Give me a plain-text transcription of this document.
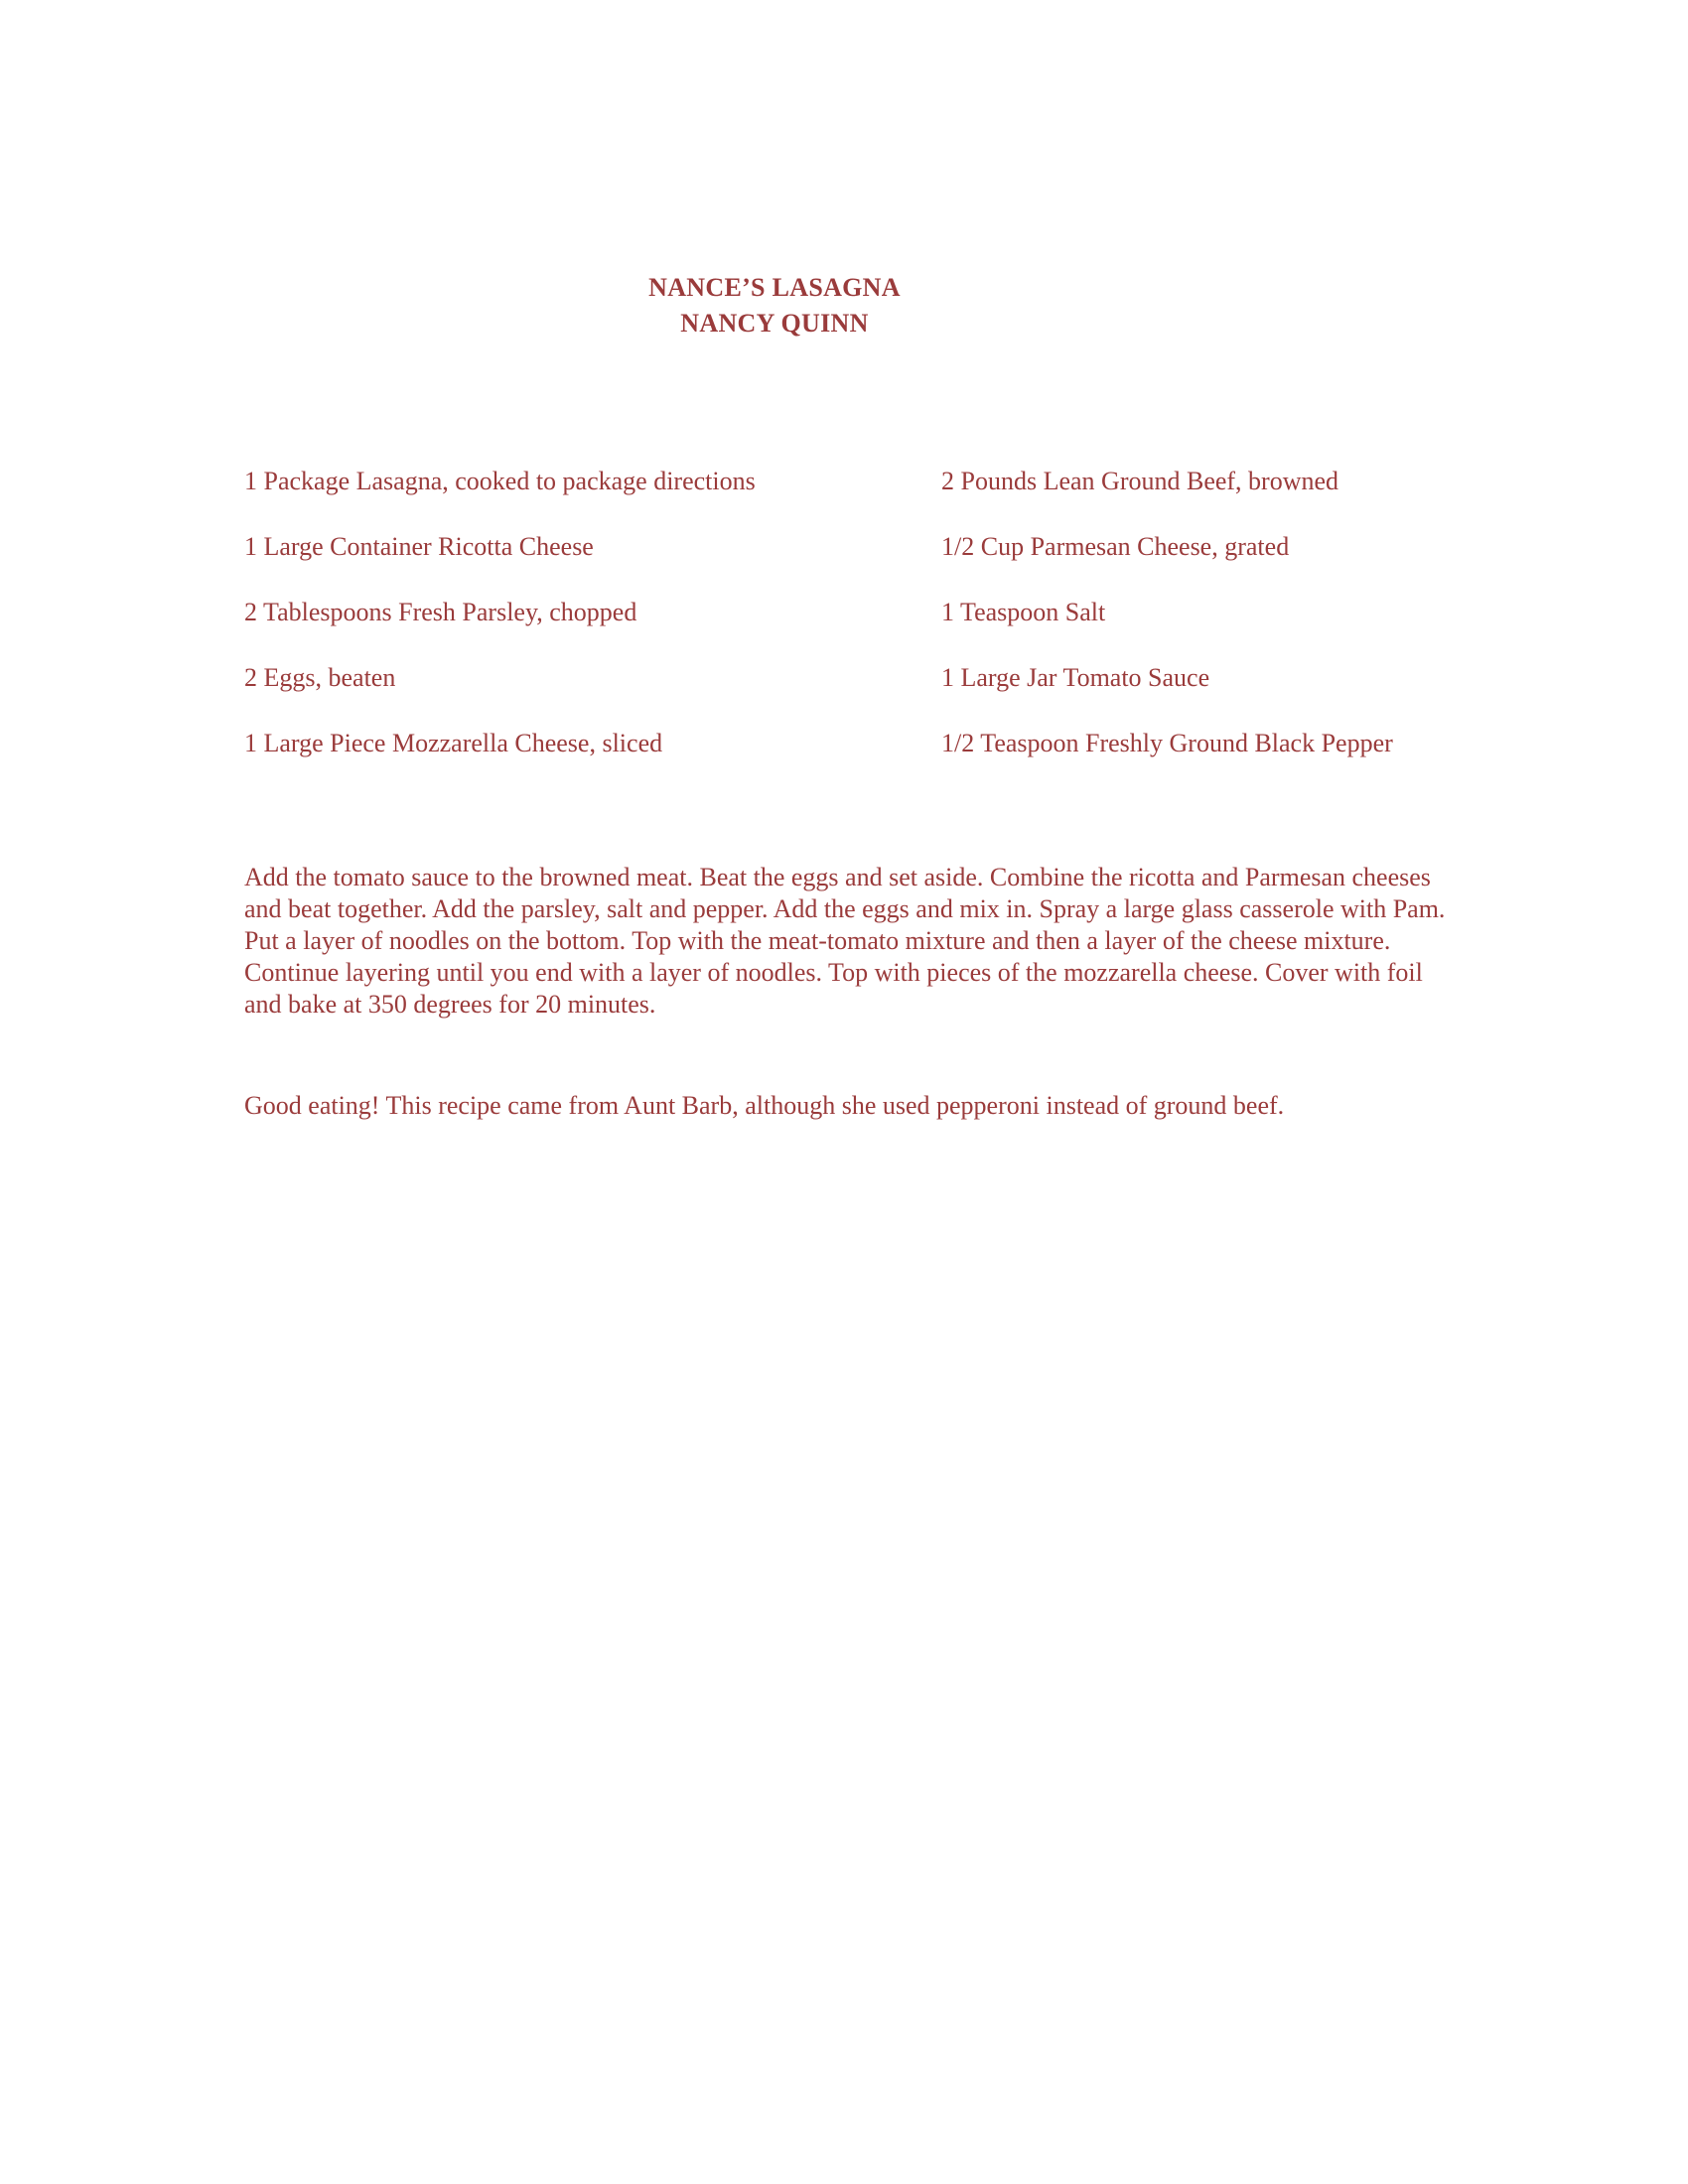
NANCE’S LASAGNA
NANCY QUINN
1 Package Lasagna, cooked to package directions
1 Large Container Ricotta Cheese
2 Tablespoons Fresh Parsley, chopped
2 Eggs, beaten
1 Large Piece Mozzarella Cheese, sliced
2 Pounds Lean Ground Beef, browned
1/2 Cup Parmesan Cheese, grated
1 Teaspoon Salt
1 Large Jar Tomato Sauce
1/2 Teaspoon Freshly Ground Black Pepper

Add the tomato sauce to the browned meat. Beat the eggs and set aside. Combine the ricotta and Parmesan cheeses and beat together. Add the parsley, salt and pepper. Add the eggs and mix in. Spray a large glass casserole with Pam. Put a layer of noodles on the bottom. Top with the meat-tomato mixture and then a layer of the cheese mixture. Continue layering until you end with a layer of noodles. Top with pieces of the mozzarella cheese. Cover with foil and bake at 350 degrees for 20 minutes.

Good eating! This recipe came from Aunt Barb, although she used pepperoni instead of ground beef.
